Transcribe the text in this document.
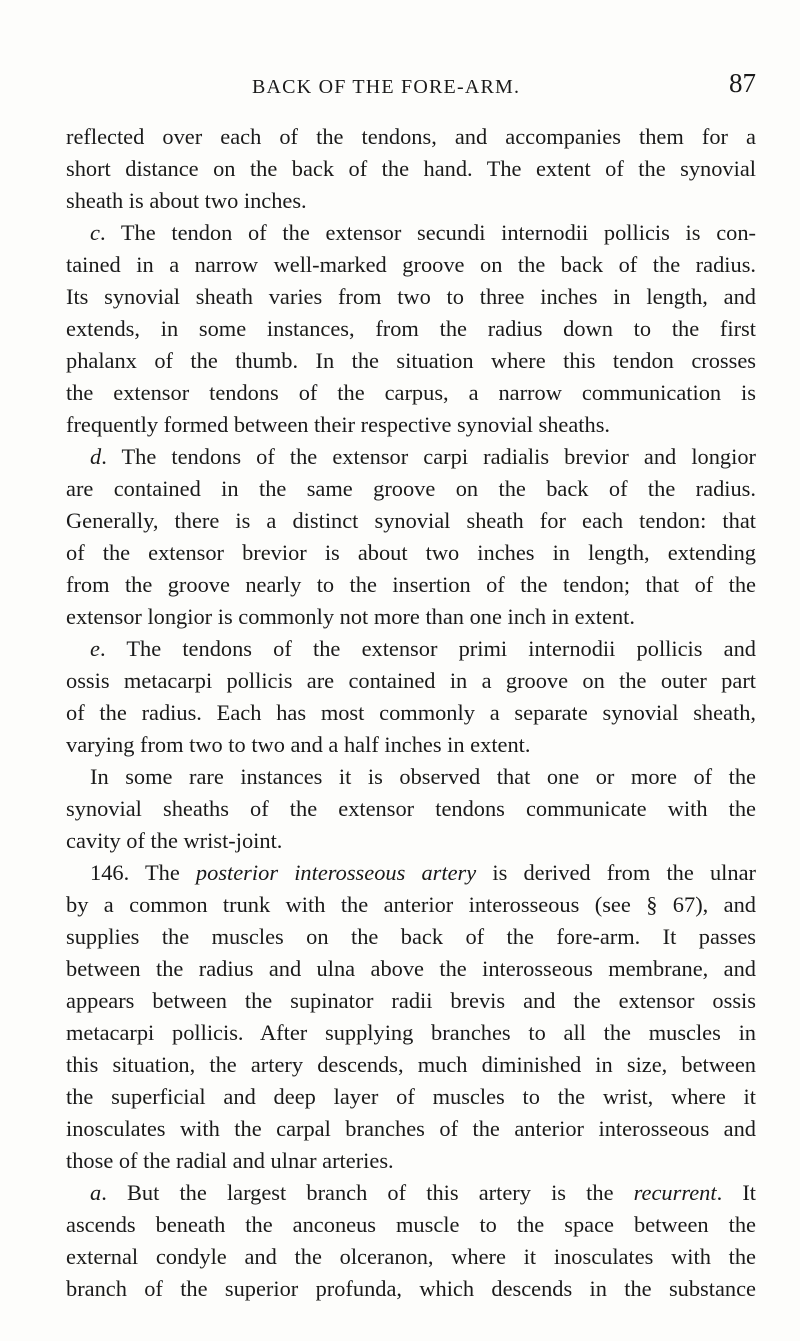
BACK OF THE FORE-ARM.	87
reflected over each of the tendons, and accompanies them for a
short distance on the back of the hand. The extent of the synovial
sheath is about two inches.
c. The tendon of the extensor secundi internodii pollicis is con-
tained in a narrow well-marked groove on the back of the radius.
Its synovial sheath varies from two to three inches in length, and
extends, in some instances, from the radius down to the first
phalanx of the thumb. In the situation where this tendon crosses
the extensor tendons of the carpus, a narrow communication is
frequently formed between their respective synovial sheaths.
d. The tendons of the extensor carpi radialis brevior and longior
are contained in the same groove on the back of the radius.
Generally, there is a distinct synovial sheath for each tendon: that
of the extensor brevior is about two inches in length, extending
from the groove nearly to the insertion of the tendon; that of the
extensor longior is commonly not more than one inch in extent.
e. The tendons of the extensor primi internodii pollicis and
ossis metacarpi pollicis are contained in a groove on the outer part
of the radius. Each has most commonly a separate synovial sheath,
varying from two to two and a half inches in extent.
In some rare instances it is observed that one or more of the
synovial sheaths of the extensor tendons communicate with the
cavity of the wrist-joint.
146. The posterior interosseous artery is derived from the ulnar
by a common trunk with the anterior interosseous (see § 67), and
supplies the muscles on the back of the fore-arm. It passes
between the radius and ulna above the interosseous membrane, and
appears between the supinator radii brevis and the extensor ossis
metacarpi pollicis. After supplying branches to all the muscles in
this situation, the artery descends, much diminished in size, between
the superficial and deep layer of muscles to the wrist, where it
inosculates with the carpal branches of the anterior interosseous and
those of the radial and ulnar arteries.
a. But the largest branch of this artery is the recurrent. It
ascends beneath the anconeus muscle to the space between the
external condyle and the olceranon, where it inosculates with the
branch of the superior profunda, which descends in the substance
